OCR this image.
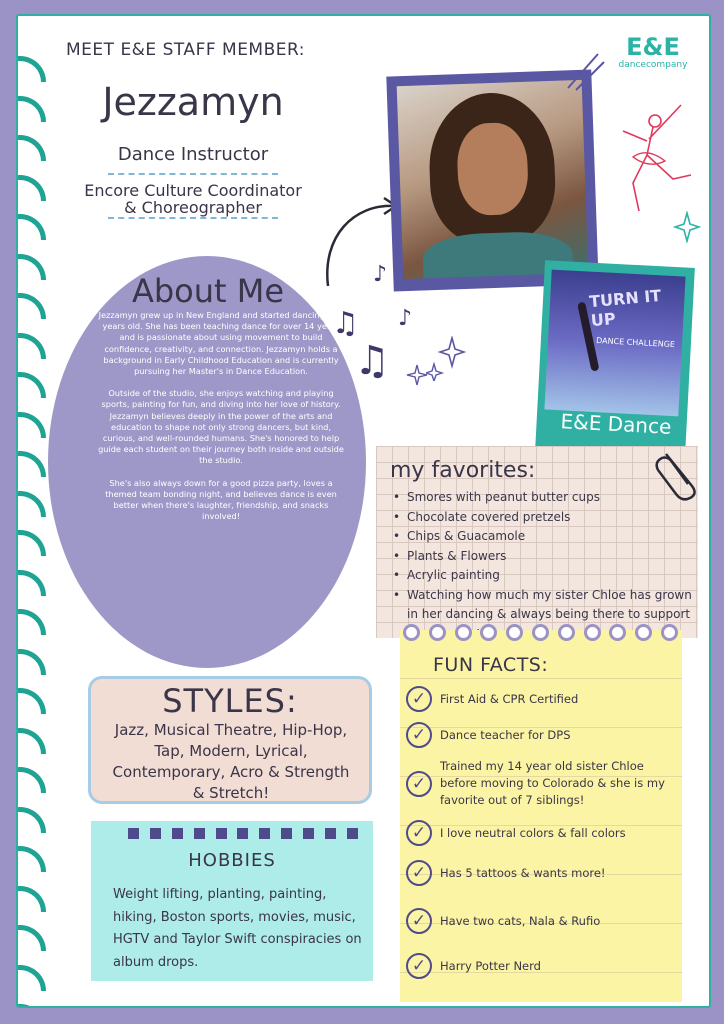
MEET E&E STAFF MEMBER:
Jezzamyn
Dance Instructor
Encore Culture Coordinator
& Choreographer
E&E
dancecompany
TURN IT UP
DANCE CHALLENGE
E&E Dance
♪
♪
♫
♫
About Me

Jezzamyn grew up in New England and started dancing at 6 years old. She has been teaching dance for over 14 years and is passionate about using movement to build confidence, creativity, and connection. Jezzamyn holds a background in Early Childhood Education and is currently pursuing her Master's in Dance Education.

Outside of the studio, she enjoys watching and playing sports, painting for fun, and diving into her love of history. Jezzamyn believes deeply in the power of the arts and education to shape not only strong dancers, but kind, curious, and well-rounded humans. She's honored to help guide each student on their journey both inside and outside the studio.

She's also always down for a good pizza party, loves a themed team bonding night, and believes dance is even better when there's laughter, friendship, and snacks involved!

my favorites:
• Smores with peanut butter cups
• Chocolate covered pretzels
• Chips & Guacamole
• Plants & Flowers
• Acrylic painting
• Watching how much my sister Chloe has grown in her dancing & always being there to support
STYLES:
Jazz, Musical Theatre, Hip-Hop, Tap, Modern, Lyrical, Contemporary, Acro & Strength & Stretch!
HOBBIES
Weight lifting, planting, painting, hiking, Boston sports, movies, music, HGTV and Taylor Swift conspiracies on album drops.
FUN FACTS:
✓	First Aid & CPR Certified
✓	Dance teacher for DPS
✓
Trained my 14 year old sister Chloe before moving to Colorado & she is my favorite out of 7 siblings!
✓	I love neutral colors & fall colors
✓	Has 5 tattoos & wants more!
✓	Have two cats, Nala & Rufio
✓	Harry Potter Nerd
